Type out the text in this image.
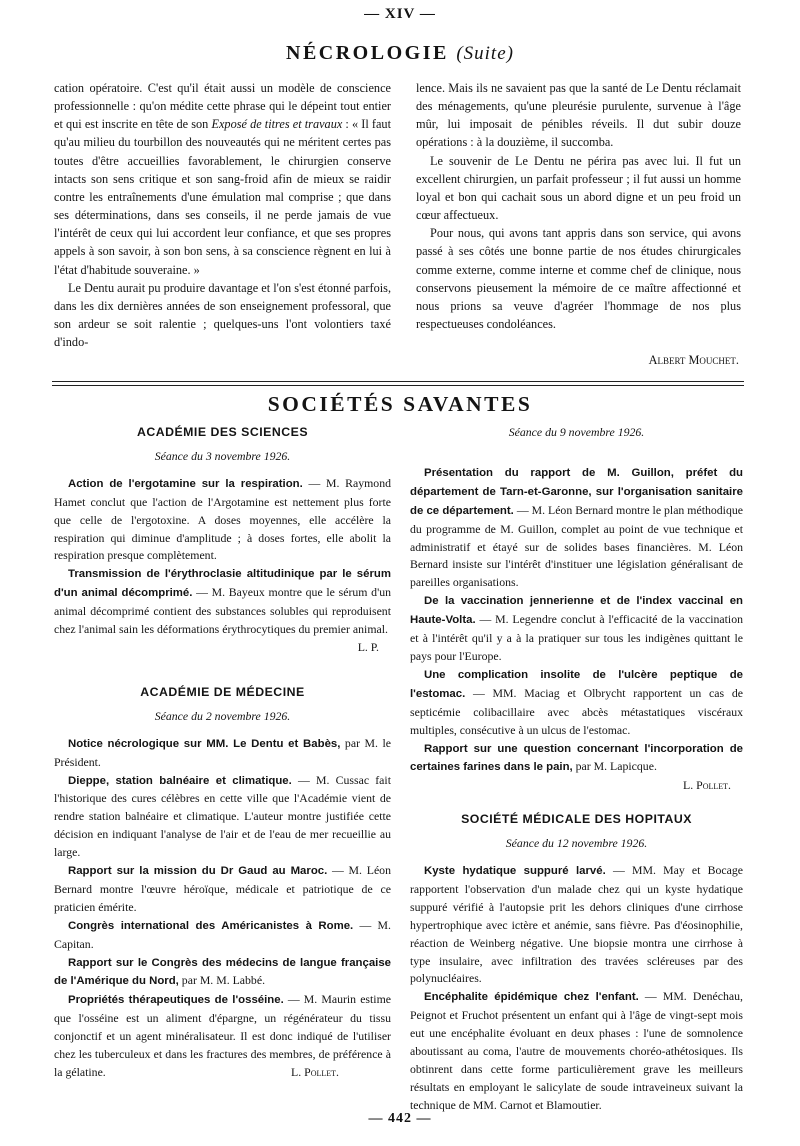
— XIV —
NÉCROLOGIE (Suite)

cation opératoire. C'est qu'il était aussi un modèle de conscience professionnelle : qu'on médite cette phrase qui le dépeint tout entier et qui est inscrite en tête de son Exposé de titres et travaux : « Il faut qu'au milieu du tourbillon des nouveautés qui ne méritent certes pas toutes d'être accueillies favorablement, le chirurgien conserve intacts son sens critique et son sang-froid afin de mieux se raidir contre les entraînements d'une émulation mal comprise ; que dans ses déterminations, dans ses conseils, il ne perde jamais de vue l'intérêt de ceux qui lui accordent leur confiance, et que ses propres appels à son savoir, à son bon sens, à sa conscience règnent en lui à l'état d'habitude souveraine. »

Le Dentu aurait pu produire davantage et l'on s'est étonné parfois, dans les dix dernières années de son enseignement professoral, que son ardeur se soit ralentie ; quelques-uns l'ont volontiers taxé d'indo-

lence. Mais ils ne savaient pas que la santé de Le Dentu réclamait des ménagements, qu'une pleurésie purulente, survenue à l'âge mûr, lui imposait de pénibles réveils. Il dut subir douze opérations : à la douzième, il succomba.

Le souvenir de Le Dentu ne périra pas avec lui. Il fut un excellent chirurgien, un parfait professeur ; il fut aussi un homme loyal et bon qui cachait sous un abord digne et un peu froid un cœur affectueux.

Pour nous, qui avons tant appris dans son service, qui avons passé à ses côtés une bonne partie de nos études chirurgicales comme externe, comme interne et comme chef de clinique, nous conservons pieusement la mémoire de ce maître affectionné et nous prions sa veuve d'agréer l'hommage de nos plus respectueuses condoléances.

Albert Mouchet.

SOCIÉTÉS SAVANTES

ACADÉMIE DES SCIENCES

Séance du 3 novembre 1926.

Action de l'ergotamine sur la respiration. — M. Raymond Hamet conclut que l'action de l'Argotamine est nettement plus forte que celle de l'ergotoxine. A doses moyennes, elle accélère la respiration qui diminue d'amplitude ; à doses fortes, elle abolit la respiration presque complètement.

Transmission de l'érythroclasie altitudinique par le sérum d'un animal décomprimé. — M. Bayeux montre que le sérum d'un animal décomprimé contient des substances solubles qui reproduisent chez l'animal sain les déformations érythrocytiques du premier animal.

L. P.

ACADÉMIE DE MÉDECINE

Séance du 2 novembre 1926.

Notice nécrologique sur MM. Le Dentu et Babès, par M. le Président.

Dieppe, station balnéaire et climatique. — M. Cussac fait l'historique des cures célèbres en cette ville que l'Académie vient de rendre station balnéaire et climatique. L'auteur montre justifiée cette décision en indiquant l'analyse de l'air et de l'eau de mer recueillie au large.

Rapport sur la mission du Dr Gaud au Maroc. — M. Léon Bernard montre l'œuvre héroïque, médicale et patriotique de ce praticien émérite.

Congrès international des Américanistes à Rome. — M. Capitan.

Rapport sur le Congrès des médecins de langue française de l'Amérique du Nord, par M. M. Labbé.

Propriétés thérapeutiques de l'osséine. — M. Maurin estime que l'osséine est un aliment d'épargne, un régénérateur du tissu conjonctif et un agent minéralisateur. Il est donc indiqué de l'utiliser chez les tuberculeux et dans les fractures des membres, de préférence à la gélatine.	L. Pollet.

Séance du 9 novembre 1926.

Présentation du rapport de M. Guillon, préfet du département de Tarn-et-Garonne, sur l'organisation sanitaire de ce département. — M. Léon Bernard montre le plan méthodique du programme de M. Guillon, complet au point de vue technique et administratif et étayé sur de solides bases financières. M. Léon Bernard insiste sur l'intérêt d'instituer une législation généralisant de pareilles organisations.

De la vaccination jennerienne et de l'index vaccinal en Haute-Volta. — M. Legendre conclut à l'efficacité de la vaccination et à l'intérêt qu'il y a à la pratiquer sur tous les indigènes quittant le pays pour l'Europe.

Une complication insolite de l'ulcère peptique de l'estomac. — MM. Maciag et Olbrycht rapportent un cas de septicémie colibacillaire avec abcès métastatiques viscéraux multiples, consécutive à un ulcus de l'estomac.

Rapport sur une question concernant l'incorporation de certaines farines dans le pain, par M. Lapicque.

L. Pollet.

SOCIÉTÉ MÉDICALE DES HOPITAUX

Séance du 12 novembre 1926.

Kyste hydatique suppuré larvé. — MM. May et Bocage rapportent l'observation d'un malade chez qui un kyste hydatique suppuré vérifié à l'autopsie prit les dehors cliniques d'une cirrhose hypertrophique avec ictère et anémie, sans fièvre. Pas d'éosinophilie, réaction de Weinberg négative. Une biopsie montra une cirrhose à type insulaire, avec infiltration des travées scléreuses par des polynucléaires.

Encéphalite épidémique chez l'enfant. — MM. Denéchau, Peignot et Fruchot présentent un enfant qui à l'âge de vingt-sept mois eut une encéphalite évoluant en deux phases : l'une de somnolence aboutissant au coma, l'autre de mouvements choréo-athétosiques. Ils obtinrent dans cette forme particulièrement grave les meilleurs résultats en employant le salicylate de soude intraveineux suivant la technique de MM. Carnot et Blamoutier.

— 442 —
